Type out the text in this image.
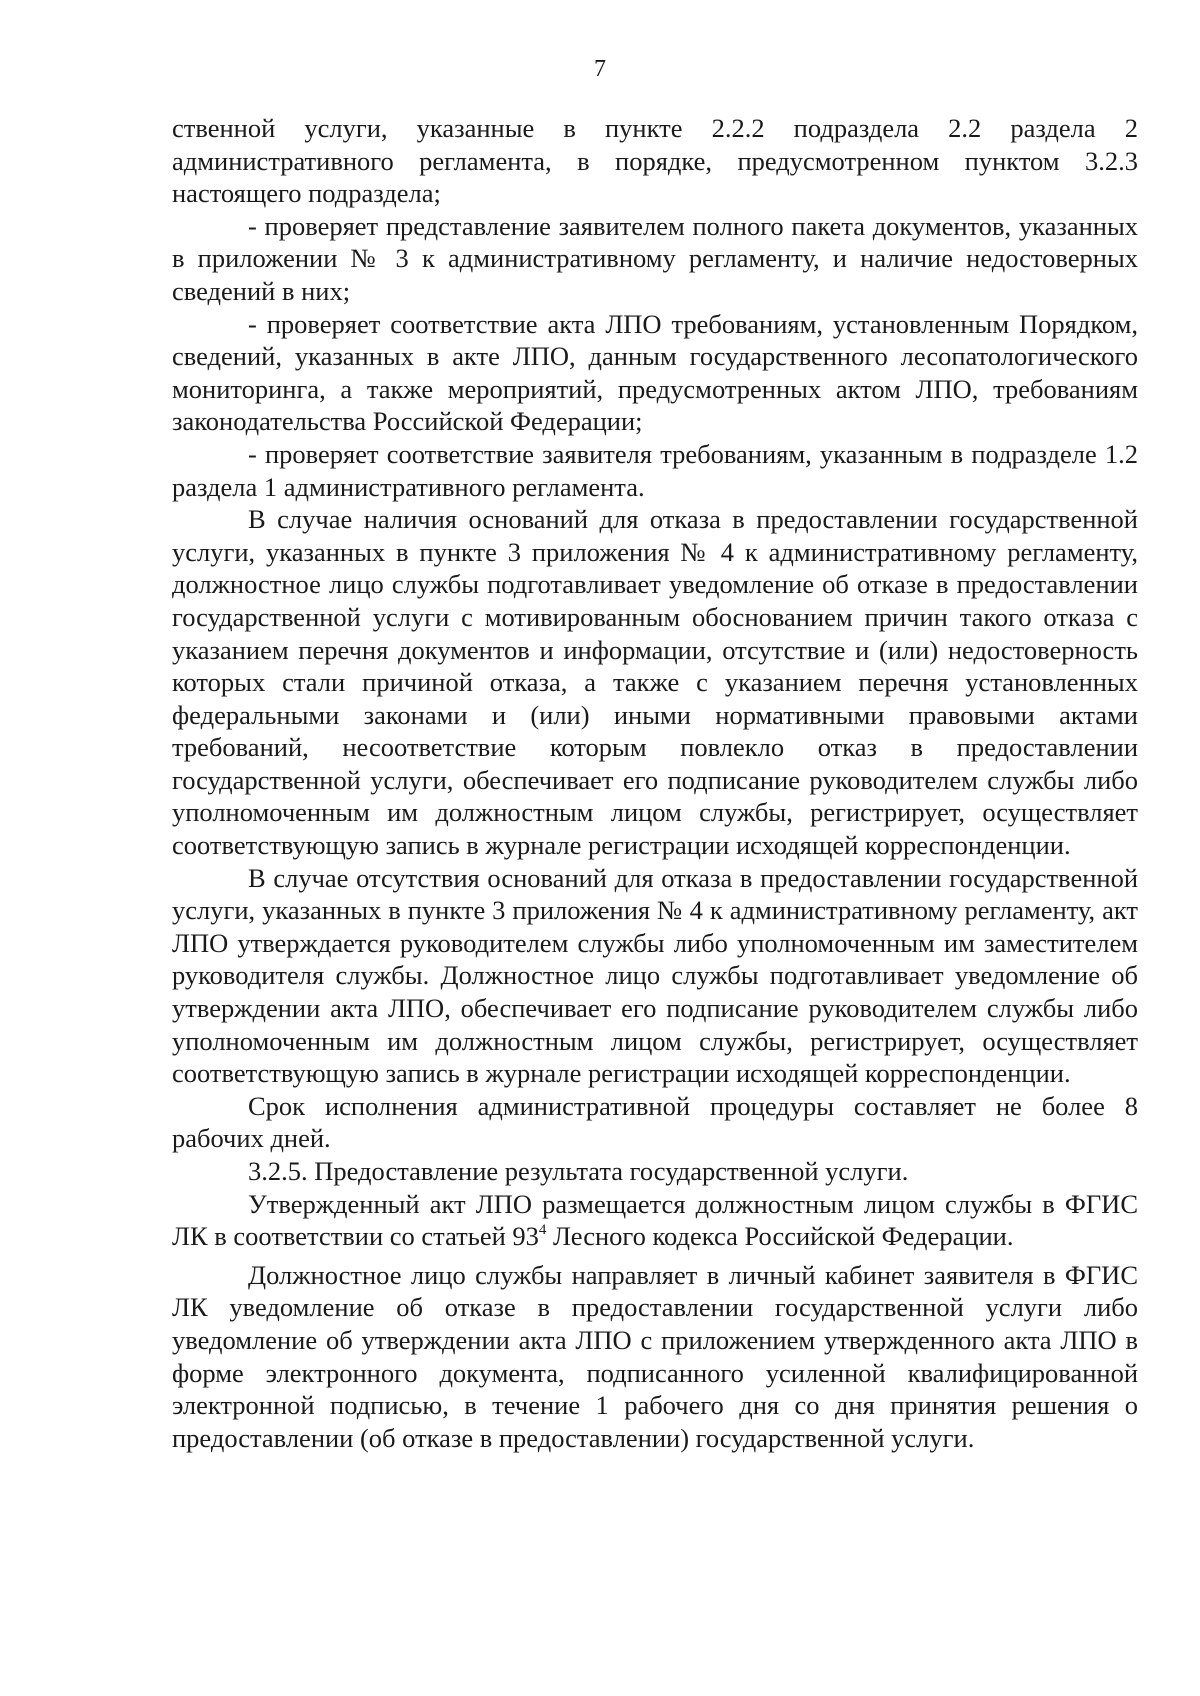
7

ственной услуги, указанные в пункте 2.2.2 подраздела 2.2 раздела 2 административного регламента, в порядке, предусмотренном пунктом 3.2.3 настоящего подраздела;

- проверяет представление заявителем полного пакета документов, указанных в приложении № 3 к административному регламенту, и наличие недостоверных сведений в них;

- проверяет соответствие акта ЛПО требованиям, установленным Порядком, сведений, указанных в акте ЛПО, данным государственного лесопатологического мониторинга, а также мероприятий, предусмотренных актом ЛПО, требованиям законодательства Российской Федерации;

- проверяет соответствие заявителя требованиям, указанным в подразделе 1.2 раздела 1 административного регламента.

В случае наличия оснований для отказа в предоставлении государственной услуги, указанных в пункте 3 приложения № 4 к административному регламенту, должностное лицо службы подготавливает уведомление об отказе в предоставлении государственной услуги с мотивированным обоснованием причин такого отказа с указанием перечня документов и информации, отсутствие и (или) недостоверность которых стали причиной отказа, а также с указанием перечня установленных федеральными законами и (или) иными нормативными правовыми актами требований, несоответствие которым повлекло отказ в предоставлении государственной услуги, обеспечивает его подписание руководителем службы либо уполномоченным им должностным лицом службы, регистрирует, осуществляет соответствующую запись в журнале регистрации исходящей корреспонденции.

В случае отсутствия оснований для отказа в предоставлении государственной услуги, указанных в пункте 3 приложения № 4 к административному регламенту, акт ЛПО утверждается руководителем службы либо уполномоченным им заместителем руководителя службы. Должностное лицо службы подготавливает уведомление об утверждении акта ЛПО, обеспечивает его подписание руководителем службы либо уполномоченным им должностным лицом службы, регистрирует, осуществляет соответствующую запись в журнале регистрации исходящей корреспонденции.

Срок исполнения административной процедуры составляет не более 8 рабочих дней.

3.2.5. Предоставление результата государственной услуги.

Утвержденный акт ЛПО размещается должностным лицом службы в ФГИС ЛК в соответствии со статьей $93^4$ Лесного кодекса Российской Федерации.

Должностное лицо службы направляет в личный кабинет заявителя в ФГИС ЛК уведомление об отказе в предоставлении государственной услуги либо уведомление об утверждении акта ЛПО с приложением утвержденного акта ЛПО в форме электронного документа, подписанного усиленной квалифицированной электронной подписью, в течение 1 рабочего дня со дня принятия решения о предоставлении (об отказе в предоставлении) государственной услуги.
